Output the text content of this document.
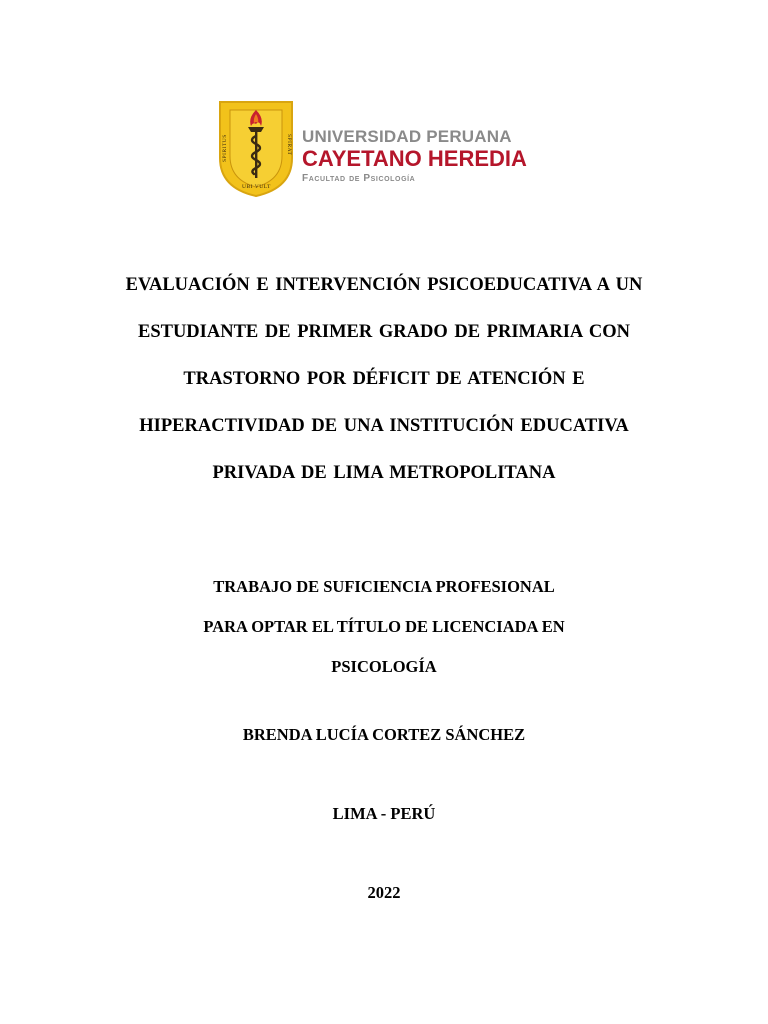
SPIRITUS
UBI VULT
SPIRAT UNIVERSIDAD PERUANA
CAYETANO HEREDIA
Facultad de Psicología
EVALUACIÓN E INTERVENCIÓN PSICOEDUCATIVA A UN
ESTUDIANTE DE PRIMER GRADO DE PRIMARIA CON
TRASTORNO POR DÉFICIT DE ATENCIÓN E
HIPERACTIVIDAD DE UNA INSTITUCIÓN EDUCATIVA
PRIVADA DE LIMA METROPOLITANA
TRABAJO DE SUFICIENCIA PROFESIONAL
PARA OPTAR EL TÍTULO DE LICENCIADA EN
PSICOLOGÍA
BRENDA LUCÍA CORTEZ SÁNCHEZ
LIMA - PERÚ
2022
